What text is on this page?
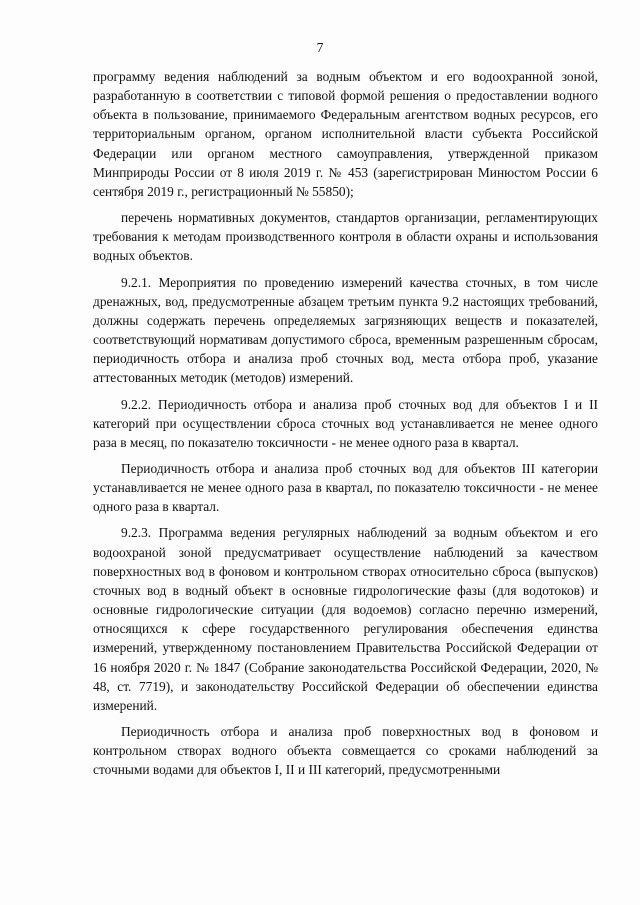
7

программу ведения наблюдений за водным объектом и его водоохранной зоной, разработанную в соответствии с типовой формой решения о предоставлении водного объекта в пользование, принимаемого Федеральным агентством водных ресурсов, его территориальным органом, органом исполнительной власти субъекта Российской Федерации или органом местного самоуправления, утвержденной приказом Минприроды России от 8 июля 2019 г. № 453 (зарегистрирован Минюстом России 6 сентября 2019 г., регистрационный № 55850);

перечень нормативных документов, стандартов организации, регламентирующих требования к методам производственного контроля в области охраны и использования водных объектов.

9.2.1. Мероприятия по проведению измерений качества сточных, в том числе дренажных, вод, предусмотренные абзацем третьим пункта 9.2 настоящих требований, должны содержать перечень определяемых загрязняющих веществ и показателей, соответствующий нормативам допустимого сброса, временным разрешенным сбросам, периодичность отбора и анализа проб сточных вод, места отбора проб, указание аттестованных методик (методов) измерений.

9.2.2. Периодичность отбора и анализа проб сточных вод для объектов I и II категорий при осуществлении сброса сточных вод устанавливается не менее одного раза в месяц, по показателю токсичности - не менее одного раза в квартал.

Периодичность отбора и анализа проб сточных вод для объектов III категории устанавливается не менее одного раза в квартал, по показателю токсичности - не менее одного раза в квартал.

9.2.3. Программа ведения регулярных наблюдений за водным объектом и его водоохраной зоной предусматривает осуществление наблюдений за качеством поверхностных вод в фоновом и контрольном створах относительно сброса (выпусков) сточных вод в водный объект в основные гидрологические фазы (для водотоков) и основные гидрологические ситуации (для водоемов) согласно перечню измерений, относящихся к сфере государственного регулирования обеспечения единства измерений, утвержденному постановлением Правительства Российской Федерации от 16 ноября 2020 г. № 1847 (Собрание законодательства Российской Федерации, 2020, № 48, ст. 7719), и законодательству Российской Федерации об обеспечении единства измерений.

Периодичность отбора и анализа проб поверхностных вод в фоновом и контрольном створах водного объекта совмещается со сроками наблюдений за сточными водами для объектов I, II и III категорий, предусмотренными
